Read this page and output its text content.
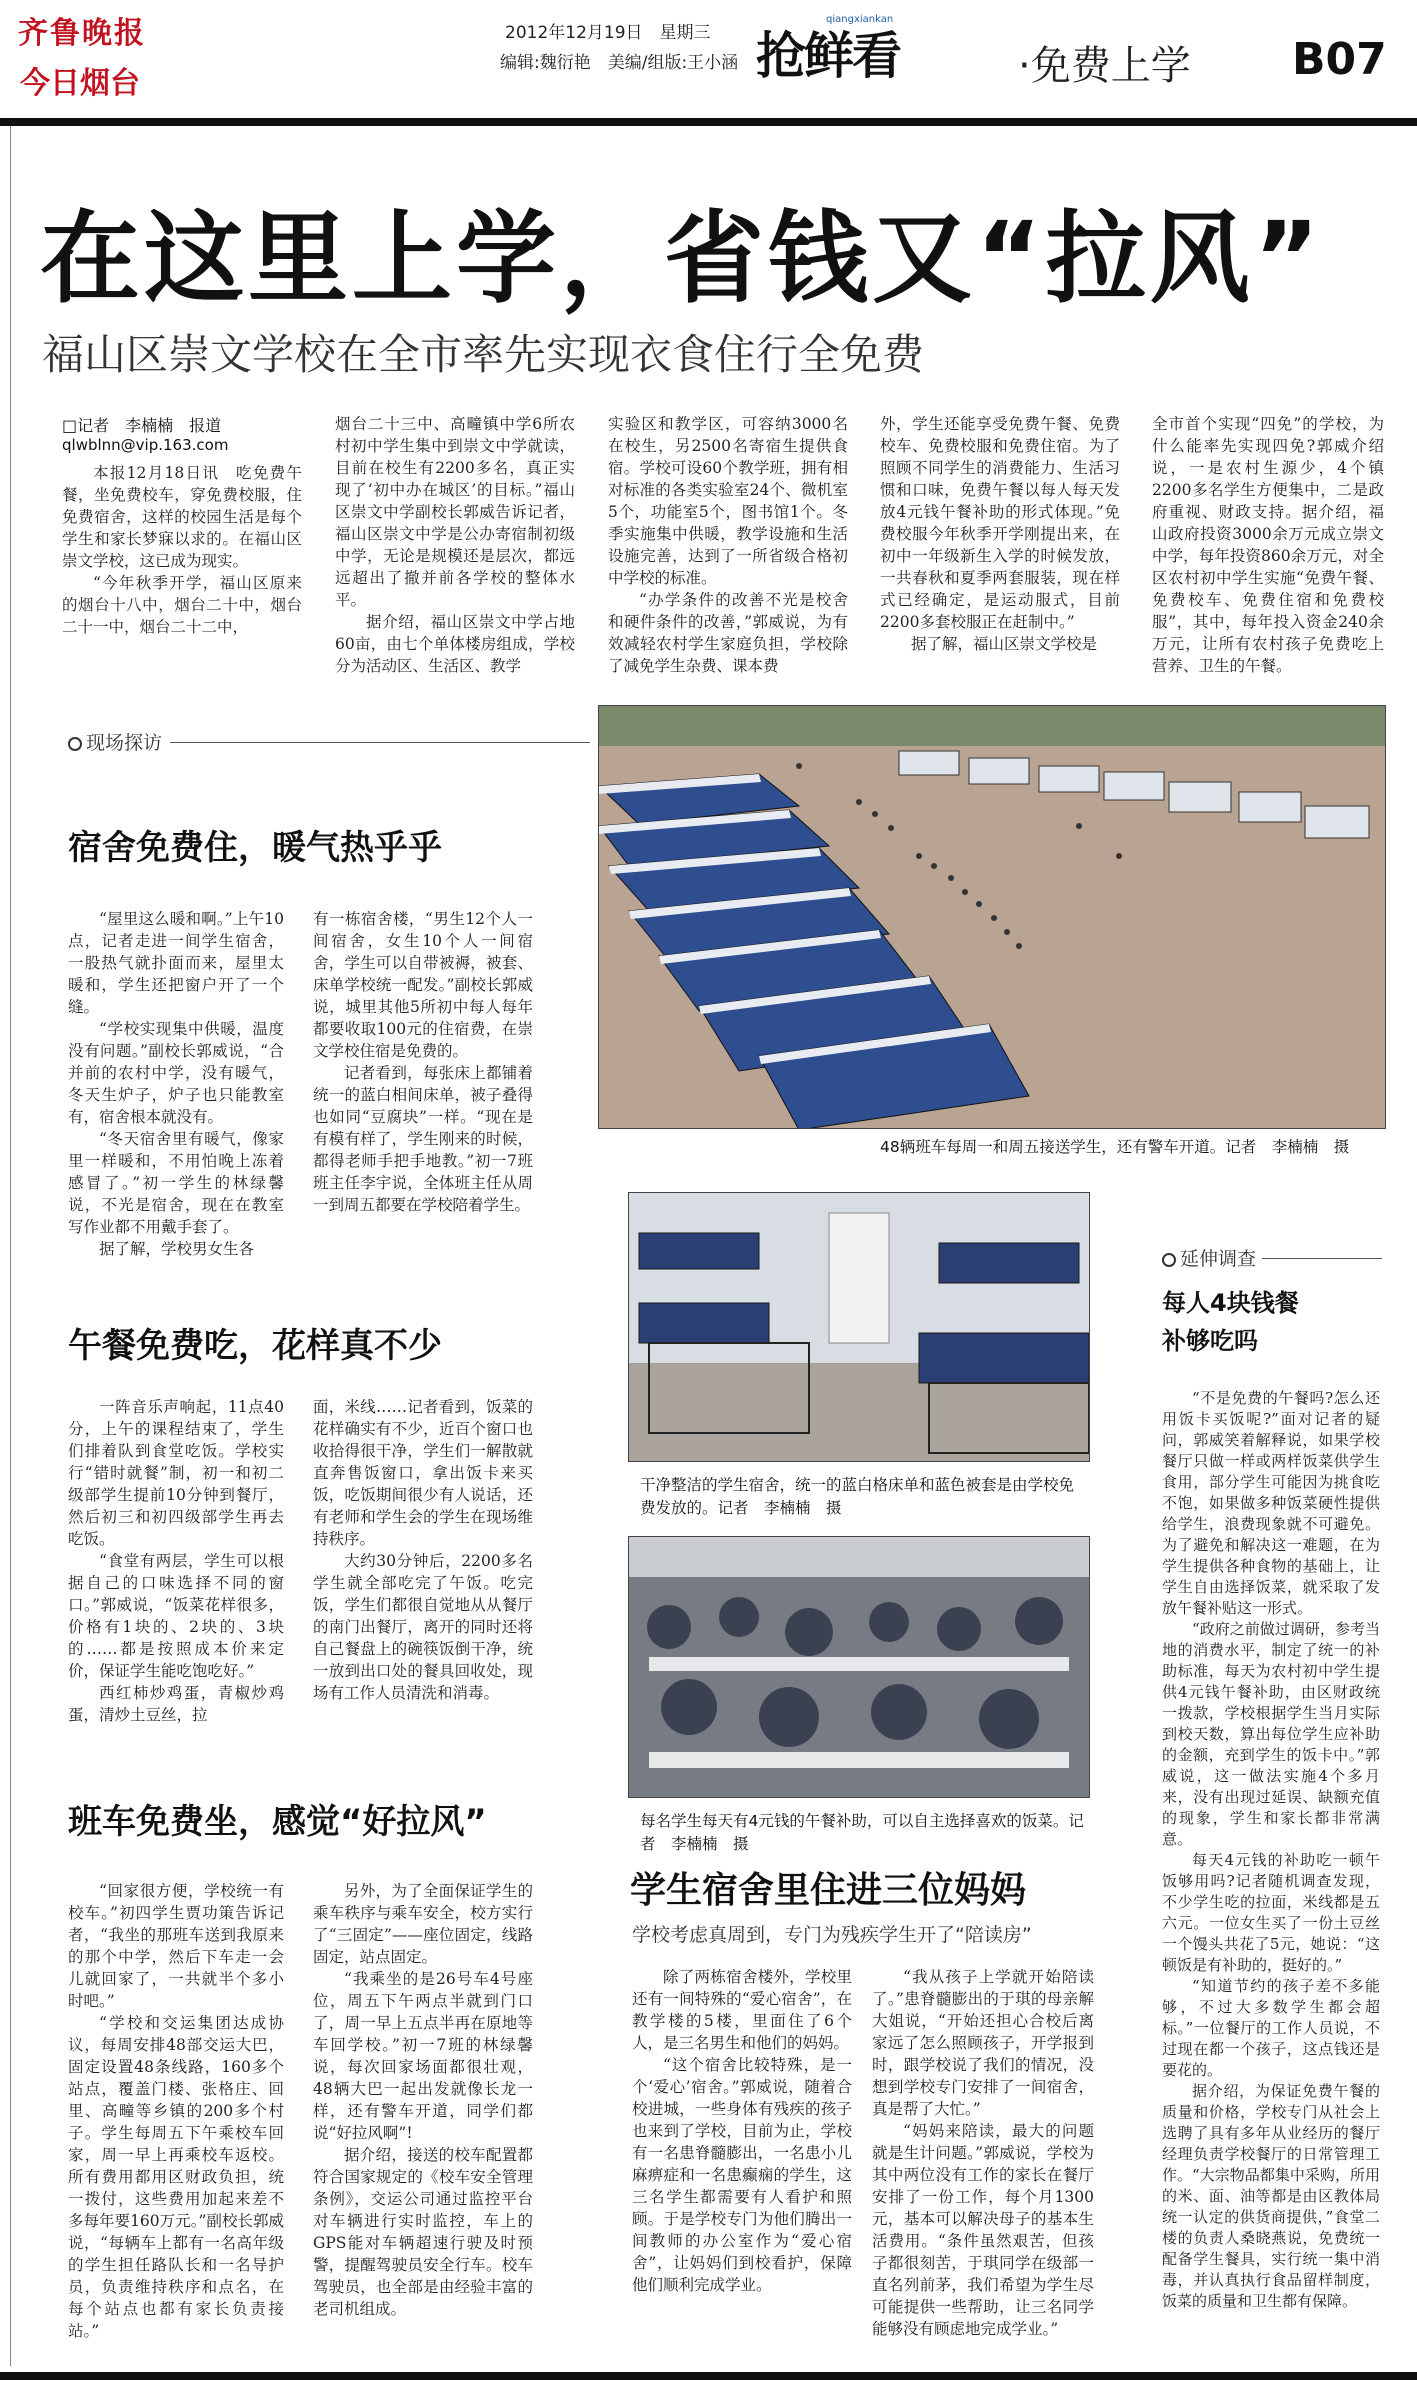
齐鲁晚报
今日烟台
2012年12月19日　星期三
编辑:魏衍艳　美编/组版:王小涵 抢鲜看
qiangxiankan
·免费上学 B07
在这里上学，省钱又“拉风”
福山区崇文学校在全市率先实现衣食住行全免费
□记者　李楠楠　报道
qlwblnn@vip.163.com

本报12月18日讯　吃免费午餐，坐免费校车，穿免费校服，住免费宿舍，这样的校园生活是每个学生和家长梦寐以求的。在福山区崇文学校，这已成为现实。

“今年秋季开学，福山区原来的烟台十八中，烟台二十中，烟台二十一中，烟台二十二中，

烟台二十三中、高疃镇中学6所农村初中学生集中到崇文中学就读，目前在校生有2200多名，真正实现了‘初中办在城区’的目标。”福山区崇文中学副校长郭威告诉记者，福山区崇文中学是公办寄宿制初级中学，无论是规模还是层次，都远远超出了撤并前各学校的整体水平。

据介绍，福山区崇文中学占地60亩，由七个单体楼房组成，学校分为活动区、生活区、教学

实验区和教学区，可容纳3000名在校生，另2500名寄宿生提供食宿。学校可设60个教学班，拥有相对标准的各类实验室24个、微机室5个，功能室5个，图书馆1个。冬季实施集中供暖，教学设施和生活设施完善，达到了一所省级合格初中学校的标准。

“办学条件的改善不光是校舍和硬件条件的改善，”郭威说，为有效减轻农村学生家庭负担，学校除了减免学生杂费、课本费

外，学生还能享受免费午餐、免费校车、免费校服和免费住宿。为了照顾不同学生的消费能力、生活习惯和口味，免费午餐以每人每天发放4元钱午餐补助的形式体现。”免费校服今年秋季开学刚提出来，在初中一年级新生入学的时候发放，一共春秋和夏季两套服装，现在样式已经确定，是运动服式，目前2200多套校服正在赶制中。”

据了解，福山区崇文学校是

全市首个实现“四免”的学校，为什么能率先实现四免?郭威介绍说，一是农村生源少，4个镇2200多名学生方便集中，二是政府重视、财政支持。据介绍，福山政府投资3000余万元成立崇文中学，每年投资860余万元，对全区农村初中学生实施“免费午餐、免费校车、免费住宿和免费校服”，其中，每年投入资金240余万元，让所有农村孩子免费吃上营养、卫生的午餐。

现场探访
宿舍免费住，暖气热乎乎

“屋里这么暖和啊。”上午10点，记者走进一间学生宿舍，一股热气就扑面而来，屋里太暖和，学生还把窗户开了一个缝。

“学校实现集中供暖，温度没有问题。”副校长郭威说，“合并前的农村中学，没有暖气，冬天生炉子，炉子也只能教室有，宿舍根本就没有。

“冬天宿舍里有暖气，像家里一样暖和，不用怕晚上冻着感冒了。”初一学生的林绿馨说，不光是宿舍，现在在教室写作业都不用戴手套了。

据了解，学校男女生各

有一栋宿舍楼，“男生12个人一间宿舍，女生10个人一间宿舍，学生可以自带被褥，被套、床单学校统一配发。”副校长郭威说，城里其他5所初中每人每年都要收取100元的住宿费，在崇文学校住宿是免费的。

记者看到，每张床上都铺着统一的蓝白相间床单，被子叠得也如同“豆腐块”一样。“现在是有模有样了，学生刚来的时候，都得老师手把手地教。”初一7班班主任李宇说，全体班主任从周一到周五都要在学校陪着学生。

午餐免费吃，花样真不少

一阵音乐声响起，11点40分，上午的课程结束了，学生们排着队到食堂吃饭。学校实行“错时就餐”制，初一和初二级部学生提前10分钟到餐厅，然后初三和初四级部学生再去吃饭。

“食堂有两层，学生可以根据自己的口味选择不同的窗口。”郭威说，“饭菜花样很多，价格有1块的、2块的、3块的……都是按照成本价来定价，保证学生能吃饱吃好。”

西红柿炒鸡蛋，青椒炒鸡蛋，清炒土豆丝，拉

面，米线……记者看到，饭菜的花样确实有不少，近百个窗口也收拾得很干净，学生们一解散就直奔售饭窗口，拿出饭卡来买饭，吃饭期间很少有人说话，还有老师和学生会的学生在现场维持秩序。

大约30分钟后，2200多名学生就全部吃完了午饭。吃完饭，学生们都很自觉地从从餐厅的南门出餐厅，离开的同时还将自己餐盘上的碗筷饭倒干净，统一放到出口处的餐具回收处，现场有工作人员清洗和消毒。

班车免费坐，感觉“好拉风”

“回家很方便，学校统一有校车。”初四学生贾功策告诉记者，“我坐的那班车送到我原来的那个中学，然后下车走一会儿就回家了，一共就半个多小时吧。”

“学校和交运集团达成协议，每周安排48部交运大巴，固定设置48条线路，160多个站点，覆盖门楼、张格庄、回里、高疃等乡镇的200多个村子。学生每周五下午乘校车回家，周一早上再乘校车返校。所有费用都用区财政负担，统一拨付，这些费用加起来差不多每年要160万元。”副校长郭威说，“每辆车上都有一名高年级的学生担任路队长和一名导护员，负责维持秩序和点名，在每个站点也都有家长负责接站。”

另外，为了全面保证学生的乘车秩序与乘车安全，校方实行了“三固定”——座位固定，线路固定，站点固定。

“我乘坐的是26号车4号座位，周五下午两点半就到门口了，周一早上五点半再在原地等车回学校。”初一7班的林绿馨说，每次回家场面都很壮观，48辆大巴一起出发就像长龙一样，还有警车开道，同学们都说“好拉风啊”!

据介绍，接送的校车配置都符合国家规定的《校车安全管理条例》，交运公司通过监控平台对车辆进行实时监控，车上的GPS能对车辆超速行驶及时预警，提醒驾驶员安全行车。校车驾驶员，也全部是由经验丰富的老司机组成。

48辆班车每周一和周五接送学生，还有警车开道。记者　李楠楠　摄
干净整洁的学生宿舍，统一的蓝白格床单和蓝色被套是由学校免费发放的。记者　李楠楠　摄
每名学生每天有4元钱的午餐补助，可以自主选择喜欢的饭菜。记者　李楠楠　摄
学生宿舍里住进三位妈妈
学校考虑真周到，专门为残疾学生开了“陪读房”

除了两栋宿舍楼外，学校里还有一间特殊的“爱心宿舍”，在教学楼的5楼，里面住了6个人，是三名男生和他们的妈妈。

“这个宿舍比较特殊，是一个‘爱心’宿舍。”郭威说，随着合校进城，一些身体有残疾的孩子也来到了学校，目前为止，学校有一名患脊髓膨出，一名患小儿麻痹症和一名患癫痫的学生，这三名学生都需要有人看护和照顾。于是学校专门为他们腾出一间教师的办公室作为“爱心宿舍”，让妈妈们到校看护，保障他们顺利完成学业。

“我从孩子上学就开始陪读了。”患脊髓膨出的于琪的母亲解大姐说，“开始还担心合校后离家远了怎么照顾孩子，开学报到时，跟学校说了我们的情况，没想到学校专门安排了一间宿舍，真是帮了大忙。”

“妈妈来陪读，最大的问题就是生计问题。”郭威说，学校为其中两位没有工作的家长在餐厅安排了一份工作，每个月1300元，基本可以解决母子的基本生活费用。“条件虽然艰苦，但孩子都很刻苦，于琪同学在级部一直名列前茅，我们希望为学生尽可能提供一些帮助，让三名同学能够没有顾虑地完成学业。”

延伸调查
每人4块钱餐补够吃吗

“不是免费的午餐吗?怎么还用饭卡买饭呢?”面对记者的疑问，郭威笑着解释说，如果学校餐厅只做一样或两样饭菜供学生食用，部分学生可能因为挑食吃不饱，如果做多种饭菜硬性提供给学生，浪费现象就不可避免。为了避免和解决这一难题，在为学生提供各种食物的基础上，让学生自由选择饭菜，就采取了发放午餐补贴这一形式。

“政府之前做过调研，参考当地的消费水平，制定了统一的补助标准，每天为农村初中学生提供4元钱午餐补助，由区财政统一拨款，学校根据学生当月实际到校天数，算出每位学生应补助的金额，充到学生的饭卡中。”郭威说，这一做法实施4个多月来，没有出现过延误、缺额充值的现象，学生和家长都非常满意。

每天4元钱的补助吃一顿午饭够用吗?记者随机调查发现，不少学生吃的拉面，米线都是五六元。一位女生买了一份土豆丝一个馒头共花了5元，她说：“这顿饭是有补助的，挺好的。”

“知道节约的孩子差不多能够，不过大多数学生都会超标。”一位餐厅的工作人员说，不过现在都一个孩子，这点钱还是要花的。

据介绍，为保证免费午餐的质量和价格，学校专门从社会上选聘了具有多年从业经历的餐厅经理负责学校餐厅的日常管理工作。“大宗物品都集中采购，所用的米、面、油等都是由区教体局统一认定的供货商提供，”食堂二楼的负责人桑晓燕说，免费统一配备学生餐具，实行统一集中消毒，并认真执行食品留样制度，饭菜的质量和卫生都有保障。
